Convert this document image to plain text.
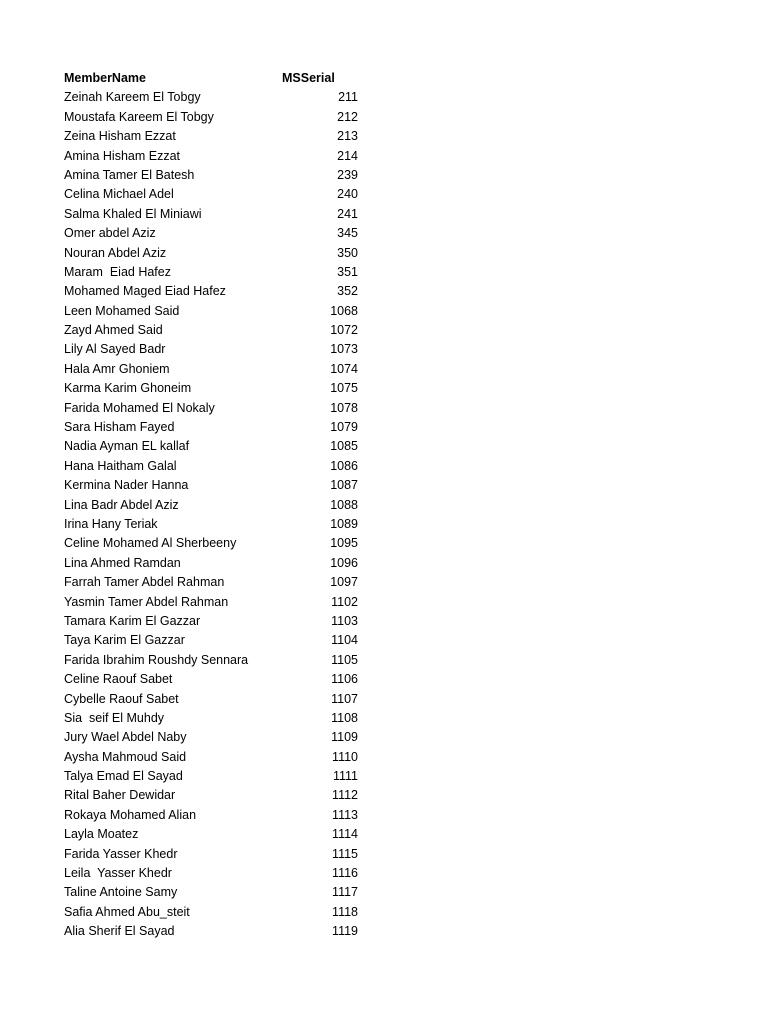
MemberName	MSSerial
Zeinah Kareem El Tobgy	211
Moustafa Kareem El Tobgy	212
Zeina Hisham Ezzat	213
Amina Hisham Ezzat	214
Amina Tamer El Batesh	239
Celina Michael Adel	240
Salma Khaled El Miniawi	241
Omer abdel Aziz	345
Nouran Abdel Aziz	350
Maram  Eiad Hafez	351
Mohamed Maged Eiad Hafez	352
Leen Mohamed Said	1068
Zayd Ahmed Said	1072
Lily Al Sayed Badr	1073
Hala Amr Ghoniem	1074
Karma Karim Ghoneim	1075
Farida Mohamed El Nokaly	1078
Sara Hisham Fayed	1079
Nadia Ayman EL kallaf	1085
Hana Haitham Galal	1086
Kermina Nader Hanna	1087
Lina Badr Abdel Aziz	1088
Irina Hany Teriak	1089
Celine Mohamed Al Sherbeeny	1095
Lina Ahmed Ramdan	1096
Farrah Tamer Abdel Rahman	1097
Yasmin Tamer Abdel Rahman	1102
Tamara Karim El Gazzar	1103
Taya Karim El Gazzar	1104
Farida Ibrahim Roushdy Sennara	1105
Celine Raouf Sabet	1106
Cybelle Raouf Sabet	1107
Sia  seif El Muhdy	1108
Jury Wael Abdel Naby	1109
Aysha Mahmoud Said	1110
Talya Emad El Sayad	1111
Rital Baher Dewidar	1112
Rokaya Mohamed Alian	1113
Layla Moatez	1114
Farida Yasser Khedr	1115
Leila  Yasser Khedr	1116
Taline Antoine Samy	1117
Safia Ahmed Abu_steit	1118
Alia Sherif El Sayad	1119
